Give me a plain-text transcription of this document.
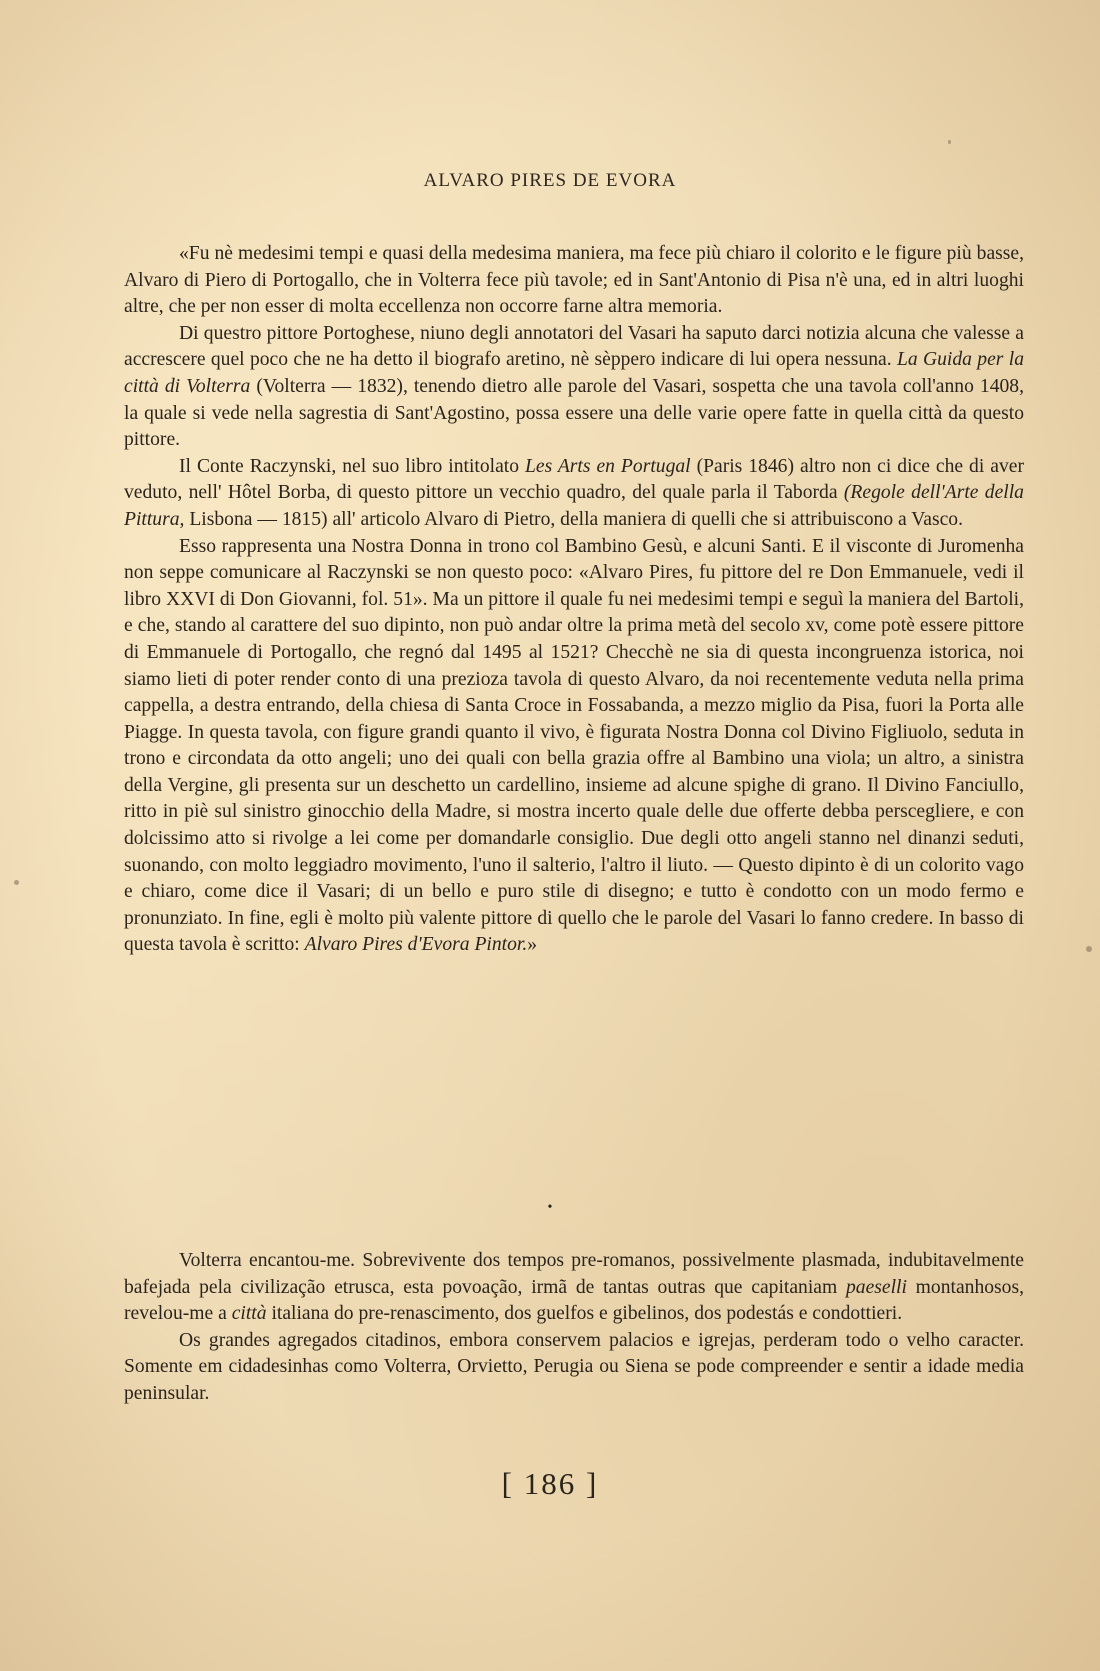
ALVARO PIRES DE EVORA

«Fu nè medesimi tempi e quasi della medesima maniera, ma fece più chiaro il colorito e le figure più basse, Alvaro di Piero di Portogallo, che in Volterra fece più tavole; ed in Sant'Antonio di Pisa n'è una, ed in altri luoghi altre, che per non esser di molta eccellenza non occorre farne altra memoria.

Di questro pittore Portoghese, niuno degli annotatori del Vasari ha saputo darci notizia alcuna che valesse a accrescere quel poco che ne ha detto il biografo aretino, nè sèppero indicare di lui opera nessuna. La Guida per la città di Volterra (Volterra — 1832), tenendo dietro alle parole del Vasari, sospetta che una tavola coll'anno 1408, la quale si vede nella sagrestia di Sant'Agostino, possa essere una delle varie opere fatte in quella città da questo pittore.

Il Conte Raczynski, nel suo libro intitolato Les Arts en Portugal (Paris 1846) altro non ci dice che di aver veduto, nell' Hôtel Borba, di questo pittore un vecchio quadro, del quale parla il Taborda (Regole dell'Arte della Pittura, Lisbona — 1815) all' articolo Alvaro di Pietro, della maniera di quelli che si attribuiscono a Vasco.

Esso rappresenta una Nostra Donna in trono col Bambino Gesù, e alcuni Santi. E il visconte di Juromenha non seppe comunicare al Raczynski se non questo poco: «Alvaro Pires, fu pittore del re Don Emmanuele, vedi il libro XXVI di Don Giovanni, fol. 51». Ma un pittore il quale fu nei medesimi tempi e seguì la maniera del Bartoli, e che, stando al carattere del suo dipinto, non può andar oltre la prima metà del secolo xv, come potè essere pittore di Emmanuele di Portogallo, che regnó dal 1495 al 1521? Checchè ne sia di questa incongruenza istorica, noi siamo lieti di poter render conto di una prezioza tavola di questo Alvaro, da noi recentemente veduta nella prima cappella, a destra entrando, della chiesa di Santa Croce in Fossabanda, a mezzo miglio da Pisa, fuori la Porta alle Piagge. In questa tavola, con figure grandi quanto il vivo, è figurata Nostra Donna col Divino Figliuolo, seduta in trono e circondata da otto angeli; uno dei quali con bella grazia offre al Bambino una viola; un altro, a sinistra della Vergine, gli presenta sur un deschetto un cardellino, insieme ad alcune spighe di grano. Il Divino Fanciullo, ritto in piè sul sinistro ginocchio della Madre, si mostra incerto quale delle due offerte debba perscegliere, e con dolcissimo atto si rivolge a lei come per domandarle consiglio. Due degli otto angeli stanno nel dinanzi seduti, suonando, con molto leggiadro movimento, l'uno il salterio, l'altro il liuto. — Questo dipinto è di un colorito vago e chiaro, come dice il Vasari; di un bello e puro stile di disegno; e tutto è condotto con un modo fermo e pronunziato. In fine, egli è molto più valente pittore di quello che le parole del Vasari lo fanno credere. In basso di questa tavola è scritto: Alvaro Pires d'Evora Pintor.»

•

Volterra encantou-me. Sobrevivente dos tempos pre-romanos, possivelmente plasmada, indubitavelmente bafejada pela civilização etrusca, esta povoação, irmã de tantas outras que capitaniam paeselli montanhosos, revelou-me a città italiana do pre-renascimento, dos guelfos e gibelinos, dos podestás e condottieri.

Os grandes agregados citadinos, embora conservem palacios e igrejas, perderam todo o velho caracter. Somente em cidadesinhas como Volterra, Orvietto, Perugia ou Siena se pode compreender e sentir a idade media peninsular.

[ 186 ]
